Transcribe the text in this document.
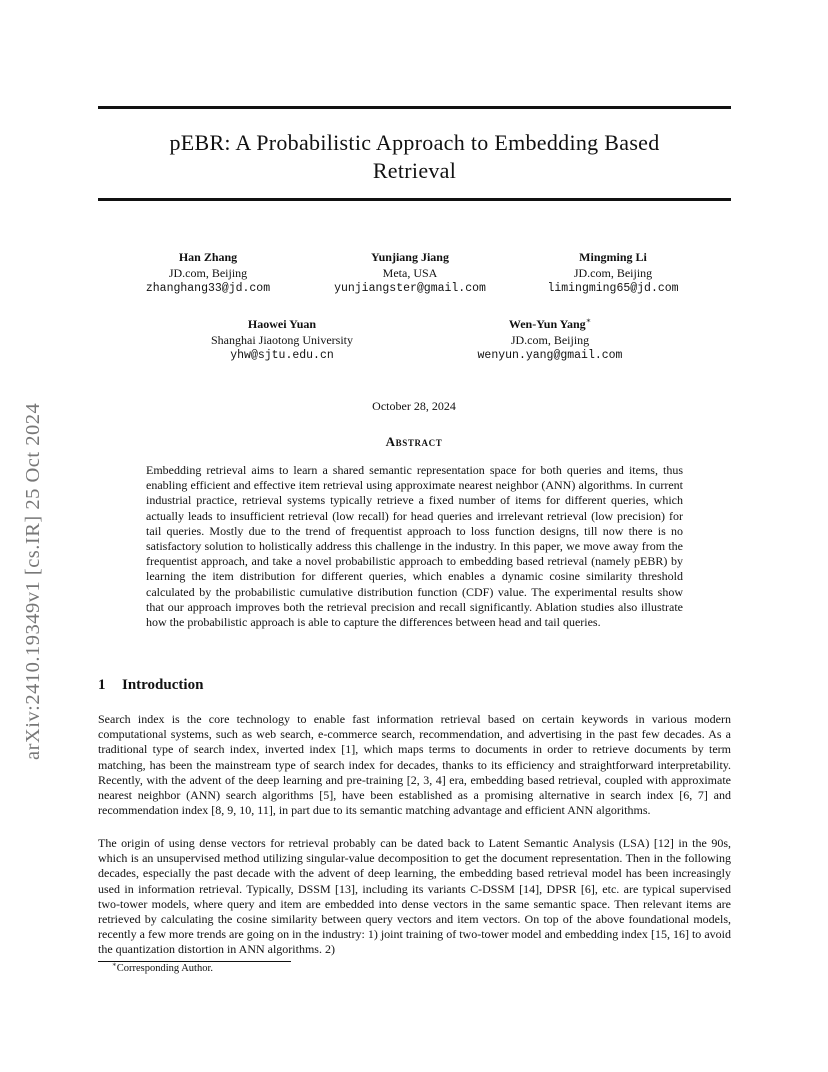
arXiv:2410.19349v1 [cs.IR] 25 Oct 2024
pEBR: A Probabilistic Approach to Embedding Based
Retrieval
Han Zhang
JD.com, Beijing
zhanghang33@jd.com
Yunjiang Jiang
Meta, USA
yunjiangster@gmail.com
Mingming Li
JD.com, Beijing
limingming65@jd.com
Haowei Yuan
Shanghai Jiaotong University
yhw@sjtu.edu.cn
Wen-Yun Yang∗
JD.com, Beijing
wenyun.yang@gmail.com
October 28, 2024
Abstract
Embedding retrieval aims to learn a shared semantic representation space for both queries and items, thus enabling efficient and effective item retrieval using approximate nearest neighbor (ANN) algorithms. In current industrial practice, retrieval systems typically retrieve a fixed number of items for different queries, which actually leads to insufficient retrieval (low recall) for head queries and irrelevant retrieval (low precision) for tail queries. Mostly due to the trend of frequentist approach to loss function designs, till now there is no satisfactory solution to holistically address this challenge in the industry. In this paper, we move away from the frequentist approach, and take a novel probabilistic approach to embedding based retrieval (namely pEBR) by learning the item distribution for different queries, which enables a dynamic cosine similarity threshold calculated by the probabilistic cumulative distribution function (CDF) value. The experimental results show that our approach improves both the retrieval precision and recall significantly. Ablation studies also illustrate how the probabilistic approach is able to capture the differences between head and tail queries.
1 Introduction
Search index is the core technology to enable fast information retrieval based on certain keywords in various modern computational systems, such as web search, e-commerce search, recommendation, and advertising in the past few decades. As a traditional type of search index, inverted index [1], which maps terms to documents in order to retrieve documents by term matching, has been the mainstream type of search index for decades, thanks to its efficiency and straightforward interpretability. Recently, with the advent of the deep learning and pre-training [2, 3, 4] era, embedding based retrieval, coupled with approximate nearest neighbor (ANN) search algorithms [5], have been established as a promising alternative in search index [6, 7] and recommendation index [8, 9, 10, 11], in part due to its semantic matching advantage and efficient ANN algorithms.
The origin of using dense vectors for retrieval probably can be dated back to Latent Semantic Analysis (LSA) [12] in the 90s, which is an unsupervised method utilizing singular-value decomposition to get the document representation. Then in the following decades, especially the past decade with the advent of deep learning, the embedding based retrieval model has been increasingly used in information retrieval. Typically, DSSM [13], including its variants C-DSSM [14], DPSR [6], etc. are typical supervised two-tower models, where query and item are embedded into dense vectors in the same semantic space. Then relevant items are retrieved by calculating the cosine similarity between query vectors and item vectors. On top of the above foundational models, recently a few more trends are going on in the industry: 1) joint training of two-tower model and embedding index [15, 16] to avoid the quantization distortion in ANN algorithms. 2)
∗Corresponding Author.
